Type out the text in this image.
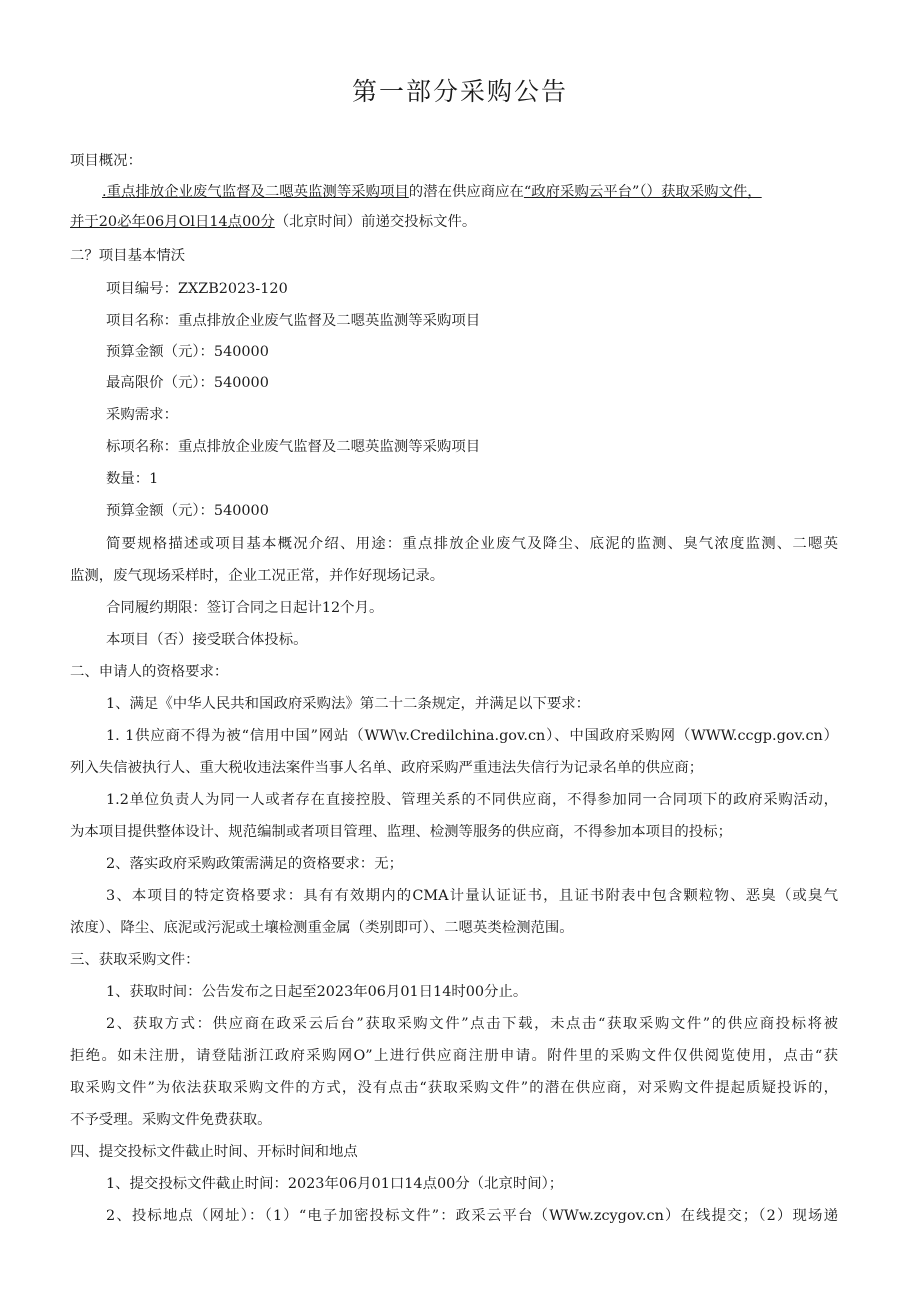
第一部分采购公告

项目概况：

.重点排放企业废气监督及二嗯英监测等采购项目的潜在供应商应在“政府采购云平台”（）获取采购文件，

并于20必年06月Ol日14点00分（北京时间）前递交投标文件。

二？项目基本情沃

项目编号：ZXZB2023-120

项目名称：重点排放企业废气监督及二嗯英监测等采购项目

预算金额（元）：540000

最高限价（元）：540000

采购需求：

标项名称：重点排放企业废气监督及二嗯英监测等采购项目

数量：1

预算金额（元）：540000

简要规格描述或项目基本概况介绍、用途：重点排放企业废气及降尘、底泥的监测、臭气浓度监测、二嗯英

监测，废气现场采样时，企业工况正常，并作好现场记录。

合同履约期限：签订合同之日起计12个月。

本项目（否）接受联合体投标。

二、申请人的资格要求：

1、满足《中华人民共和国政府采购法》第二十二条规定，并满足以下要求：

1. 1供应商不得为被“信用中国”网站（WW\v.Credilchina.gov.cn）、中国政府采购网（WWW.ccgp.gov.cn）

列入失信被执行人、重大税收违法案件当事人名单、政府采购严重违法失信行为记录名单的供应商；

1.2单位负责人为同一人或者存在直接控股、管理关系的不同供应商，不得参加同一合同项下的政府采购活动，

为本项目提供整体设计、规范编制或者项目管理、监理、检测等服务的供应商，不得参加本项目的投标；

2、落实政府采购政策需满足的资格要求：无；

3、本项目的特定资格要求：具有有效期内的CMA计量认证证书，且证书附表中包含颗粒物、恶臭（或臭气

浓度）、降尘、底泥或污泥或土壤检测重金属（类别即可）、二嗯英类检测范围。

三、获取采购文件：

1、获取时间：公告发布之日起至2023年06月01日14时00分止。

2、获取方式：供应商在政采云后台”获取采购文件”点击下载，未点击“获取采购文件”的供应商投标将被

拒绝。如未注册，请登陆浙江政府采购网O”上进行供应商注册申请。附件里的采购文件仅供阅览使用，点击“获

取采购文件”为依法获取采购文件的方式，没有点击“获取采购文件”的潜在供应商，对采购文件提起质疑投诉的，

不予受理。采购文件免费获取。

四、提交投标文件截止时间、开标时间和地点

1、提交投标文件截止时间：2023年06月01口14点00分（北京时间）；

2、投标地点（网址）：（1）“电子加密投标文件”：政采云平台（WWw.zcygov.cn）在线提交；（2）现场递
